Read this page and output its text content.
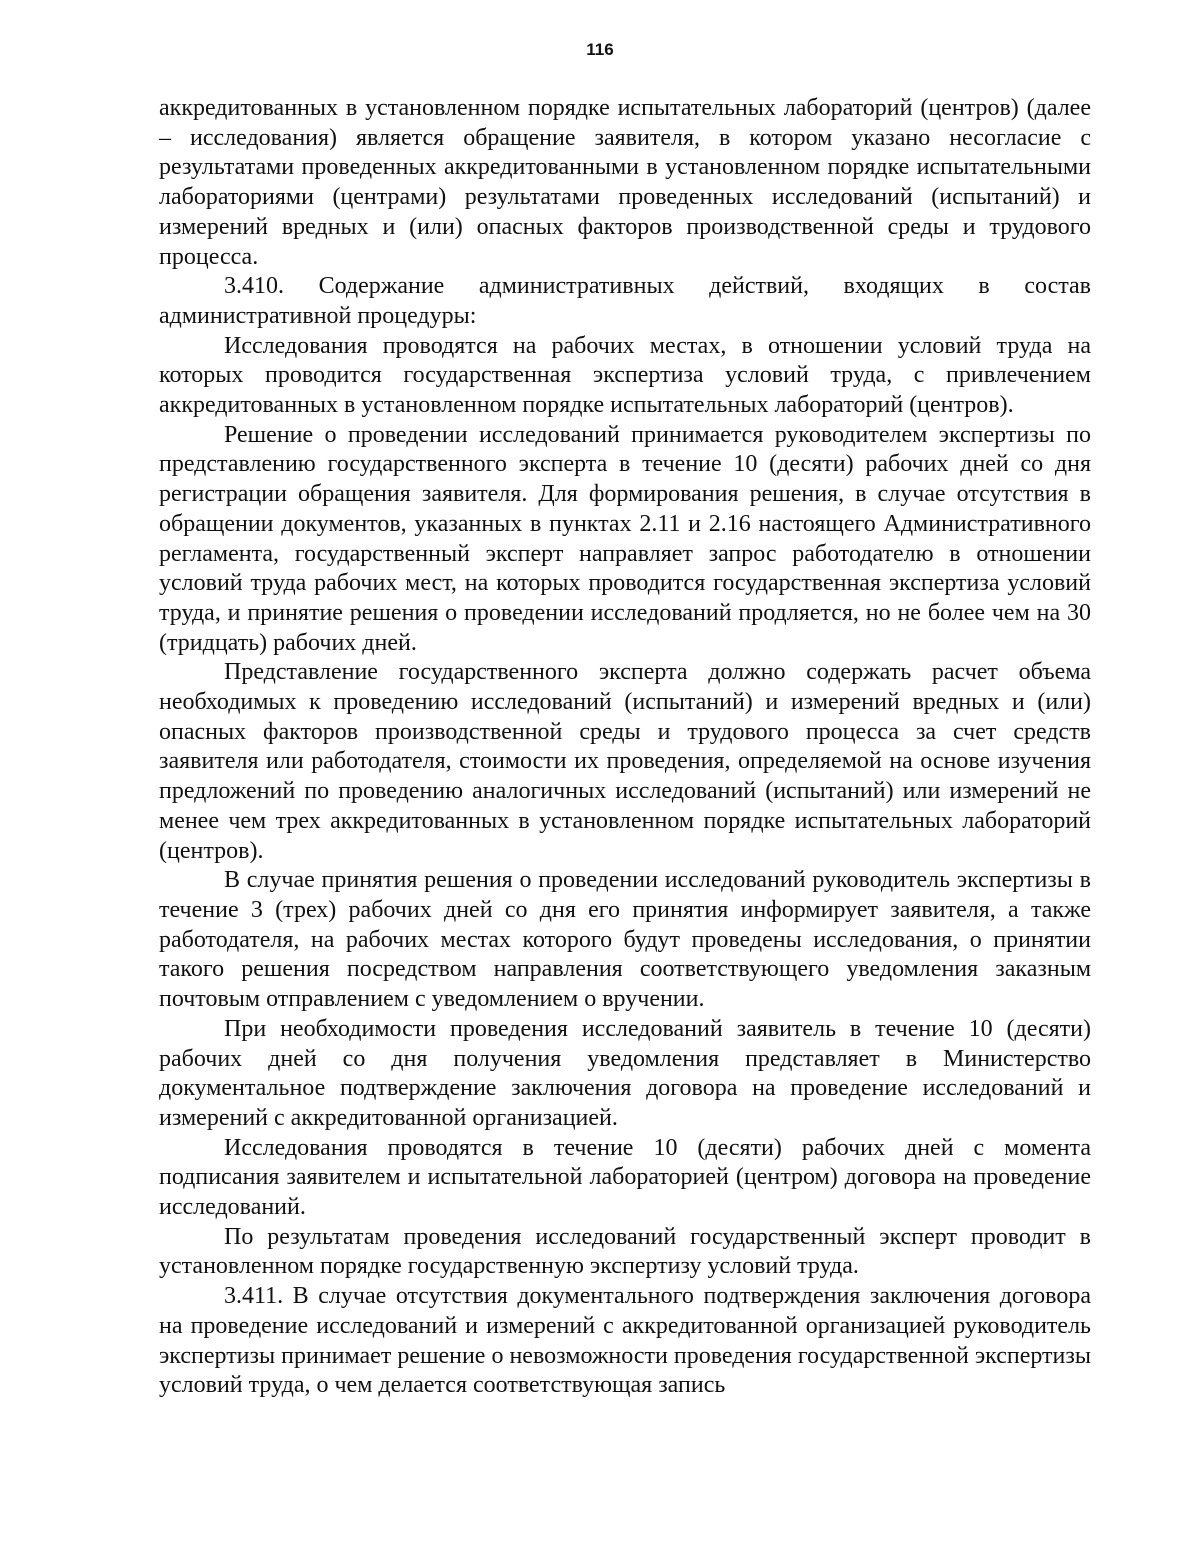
116

аккредитованных в установленном порядке испытательных лабораторий (центров) (далее – исследования) является обращение заявителя, в котором указано несогласие с результатами проведенных аккредитованными в установленном порядке испытательными лабораториями (центрами) результатами проведенных исследований (испытаний) и измерений вредных и (или) опасных факторов производственной среды и трудового процесса.

3.410. Содержание административных действий, входящих в состав административной процедуры:

Исследования проводятся на рабочих местах, в отношении условий труда на которых проводится государственная экспертиза условий труда, с привлечением аккредитованных в установленном порядке испытательных лабораторий (центров).

Решение о проведении исследований принимается руководителем экспертизы по представлению государственного эксперта в течение 10 (десяти) рабочих дней со дня регистрации обращения заявителя. Для формирования решения, в случае отсутствия в обращении документов, указанных в пунктах 2.11 и 2.16 настоящего Административного регламента, государственный эксперт направляет запрос работодателю в отношении условий труда рабочих мест, на которых проводится государственная экспертиза условий труда, и принятие решения о проведении исследований продляется, но не более чем на 30 (тридцать) рабочих дней.

Представление государственного эксперта должно содержать расчет объема необходимых к проведению исследований (испытаний) и измерений вредных и (или) опасных факторов производственной среды и трудового процесса за счет средств заявителя или работодателя, стоимости их проведения, определяемой на основе изучения предложений по проведению аналогичных исследований (испытаний) или измерений не менее чем трех аккредитованных в установленном порядке испытательных лабораторий (центров).

В случае принятия решения о проведении исследований руководитель экспертизы в течение 3 (трех) рабочих дней со дня его принятия информирует заявителя, а также работодателя, на рабочих местах которого будут проведены исследования, о принятии такого решения посредством направления соответствующего уведомления заказным почтовым отправлением с уведомлением о вручении.

При необходимости проведения исследований заявитель в течение 10 (десяти) рабочих дней со дня получения уведомления представляет в Министерство документальное подтверждение заключения договора на проведение исследований и измерений с аккредитованной организацией.

Исследования проводятся в течение 10 (десяти) рабочих дней с момента подписания заявителем и испытательной лабораторией (центром) договора на проведение исследований.

По результатам проведения исследований государственный эксперт проводит в установленном порядке государственную экспертизу условий труда.

3.411. В случае отсутствия документального подтверждения заключения договора на проведение исследований и измерений с аккредитованной организацией руководитель экспертизы принимает решение о невозможности проведения государственной экспертизы условий труда, о чем делается соответствующая запись
